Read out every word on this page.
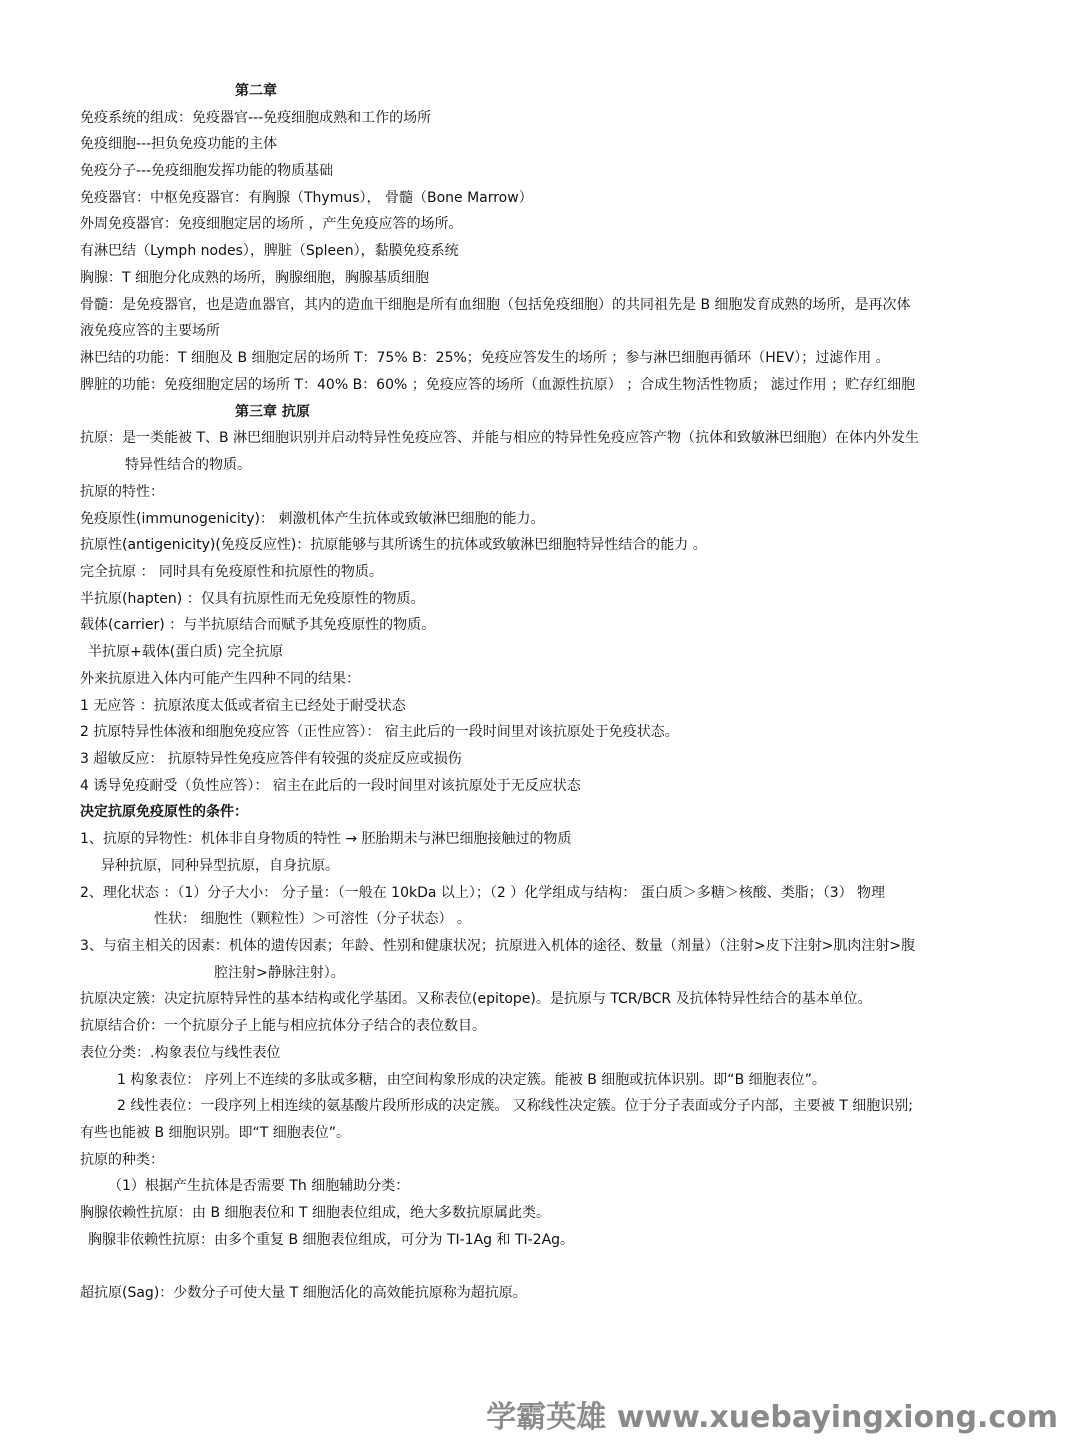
第二章
免疫系统的组成：免疫器官---免疫细胞成熟和工作的场所
免疫细胞---担负免疫功能的主体
免疫分子---免疫细胞发挥功能的物质基础
免疫器官：中枢免疫器官：有胸腺（Thymus）， 骨髓（Bone Marrow）
外周免疫器官：免疫细胞定居的场所 ，产生免疫应答的场所。
有淋巴结（Lymph nodes），脾脏（Spleen），黏膜免疫系统
胸腺：T 细胞分化成熟的场所，胸腺细胞，胸腺基质细胞
骨髓：是免疫器官，也是造血器官，其内的造血干细胞是所有血细胞（包括免疫细胞）的共同祖先是 B 细胞发育成熟的场所，是再次体
液免疫应答的主要场所
淋巴结的功能：T 细胞及 B 细胞定居的场所 T：75% B：25%；免疫应答发生的场所 ；参与淋巴细胞再循环（HEV）；过滤作用 。
脾脏的功能：免疫细胞定居的场所 T：40% B：60% ；免疫应答的场所（血源性抗原） ；合成生物活性物质； 滤过作用 ；贮存红细胞
第三章 抗原
抗原：是一类能被 T、B 淋巴细胞识别并启动特异性免疫应答、并能与相应的特异性免疫应答产物（抗体和致敏淋巴细胞）在体内外发生
特异性结合的物质。
抗原的特性：
免疫原性(immunogenicity)： 刺激机体产生抗体或致敏淋巴细胞的能力。
抗原性(antigenicity)(免疫反应性)：抗原能够与其所诱生的抗体或致敏淋巴细胞特异性结合的能力 。
完全抗原 ： 同时具有免疫原性和抗原性的物质。
半抗原(hapten) ：仅具有抗原性而无免疫原性的物质。
载体(carrier) ：与半抗原结合而赋予其免疫原性的物质。
半抗原+载体(蛋白质) 完全抗原
外来抗原进入体内可能产生四种不同的结果：
1 无应答 ：抗原浓度太低或者宿主已经处于耐受状态
2 抗原特异性体液和细胞免疫应答（正性应答）： 宿主此后的一段时间里对该抗原处于免疫状态。
3 超敏反应： 抗原特异性免疫应答伴有较强的炎症反应或损伤
4 诱导免疫耐受（负性应答）： 宿主在此后的一段时间里对该抗原处于无反应状态
决定抗原免疫原性的条件：
1、抗原的异物性：机体非自身物质的特性 → 胚胎期未与淋巴细胞接触过的物质
异种抗原，同种异型抗原，自身抗原。
2、理化状态 ：（1）分子大小： 分子量：（一般在 10kDa 以上）；（2 ）化学组成与结构： 蛋白质＞多糖＞核酸、类脂；（3） 物理
性状： 细胞性（颗粒性）＞可溶性（分子状态） 。
3、与宿主相关的因素：机体的遗传因素；年龄、性别和健康状况；抗原进入机体的途径、数量（剂量）（注射>皮下注射>肌肉注射>腹
腔注射>静脉注射）。
抗原决定簇：决定抗原特异性的基本结构或化学基团。又称表位(epitope)。是抗原与 TCR/BCR 及抗体特异性结合的基本单位。
抗原结合价：一个抗原分子上能与相应抗体分子结合的表位数目。
表位分类：.构象表位与线性表位
1 构象表位： 序列上不连续的多肽或多糖，由空间构象形成的决定簇。能被 B 细胞或抗体识别。即“B 细胞表位”。
2 线性表位：一段序列上相连续的氨基酸片段所形成的决定簇。 又称线性决定簇。位于分子表面或分子内部，主要被 T 细胞识别;
有些也能被 B 细胞识别。即“T 细胞表位”。
抗原的种类：
（1）根据产生抗体是否需要 Th 细胞辅助分类：
胸腺依赖性抗原：由 B 细胞表位和 T 细胞表位组成，绝大多数抗原属此类。
胸腺非依赖性抗原：由多个重复 B 细胞表位组成，可分为 TI-1Ag 和 TI-2Ag。
超抗原(Sag)：少数分子可使大量 T 细胞活化的高效能抗原称为超抗原。
学霸英雄 www.xuebayingxiong.com
